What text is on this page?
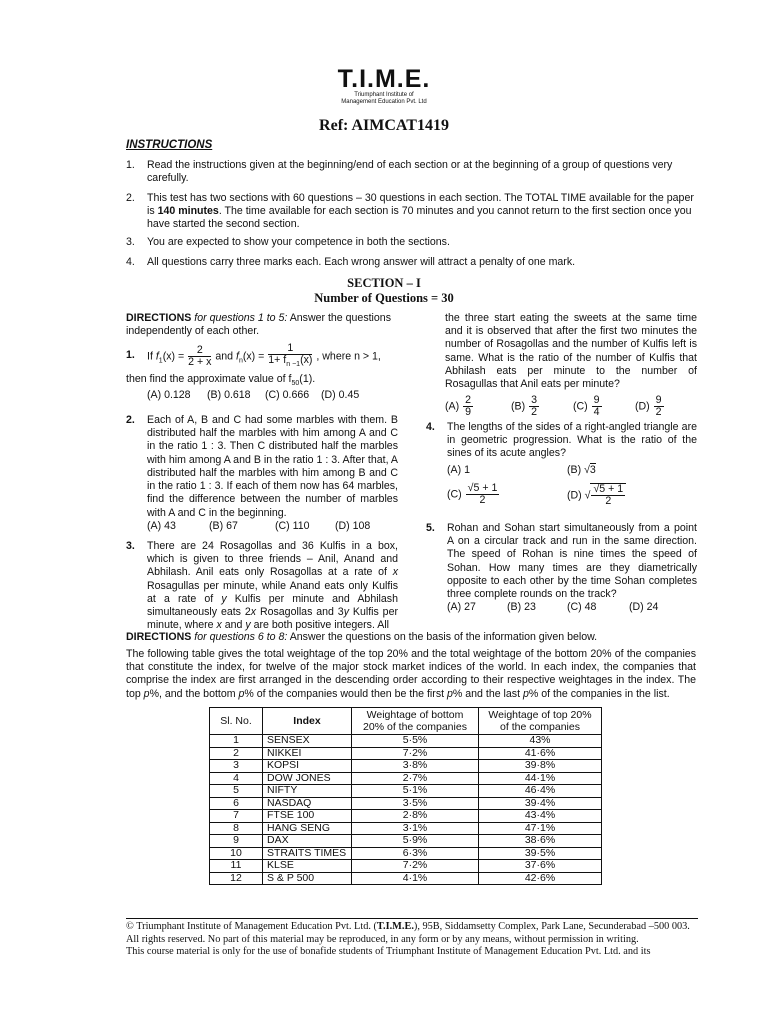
T.I.M.E.
Triumphant Institute of
Management Education Pvt. Ltd
Ref: AIMCAT1419
INSTRUCTIONS
1. Read the instructions given at the beginning/end of each section or at the beginning of a group of questions very carefully.
2. This test has two sections with 60 questions – 30 questions in each section. The TOTAL TIME available for the paper is 140 minutes. The time available for each section is 70 minutes and you cannot return to the first section once you have started the second section.
3. You are expected to show your competence in both the sections.
4. All questions carry three marks each. Each wrong answer will attract a penalty of one mark.
SECTION – I
Number of Questions = 30
DIRECTIONS for questions 1 to 5: Answer the questions independently of each other.
1. If $f_1(x) = \frac{2}{2 + x}$ and $f_n(x) = \frac{1}{1+ f_{n -1}(x)}$ , where n > 1,
then find the approximate value of $f_{50}(1)$.
(A) 0.128	(B) 0.618	(C) 0.666	(D) 0.45
2. Each of A, B and C had some marbles with them. B distributed half the marbles with him among A and C in the ratio 1 : 3. Then C distributed half the marbles with him among A and B in the ratio 1 : 3. After that, A distributed half the marbles with him among B and C in the ratio 1 : 3. If each of them now has 64 marbles, find the difference between the number of marbles with A and C in the beginning.
(A) 43	(B) 67	(C) 110	(D) 108
3. There are 24 Rosagollas and 36 Kulfis in a box, which is given to three friends – Anil, Anand and Abhilash. Anil eats only Rosagollas at a rate of x Rosagullas per minute, while Anand eats only Kulfis at a rate of y Kulfis per minute and Abhilash simultaneously eats 2x Rosagollas and 3y Kulfis per minute, where x and y are both positive integers. All
the three start eating the sweets at the same time and it is observed that after the first two minutes the number of Rosagollas and the number of Kulfis left is same. What is the ratio of the number of Kulfis that Abhilash eats per minute to the number of Rosagullas that Anil eats per minute?
$(A) \frac{2}{9}$	$(B) \frac{3}{2}$	$(C) \frac{9}{4}$	$(D) \frac{9}{2}$
4. The lengths of the sides of a right-angled triangle are in geometric progression. What is the ratio of the sines of its acute angles?
(A) 1	(B) √3
$(C) \frac{√5 + 1}{2}$	(D) √ $\frac{√5 + 1}{2}$
5. Rohan and Sohan start simultaneously from a point A on a circular track and run in the same direction. The speed of Rohan is nine times the speed of Sohan. How many times are they diametrically opposite to each other by the time Sohan completes three complete rounds on the track?
(A) 27	(B) 23	(C) 48	(D) 24
DIRECTIONS for questions 6 to 8: Answer the questions on the basis of the information given below.
The following table gives the total weightage of the top 20% and the total weightage of the bottom 20% of the companies that constitute the index, for twelve of the major stock market indices of the world. In each index, the companies that comprise the index are first arranged in the descending order according to their respective weightages in the index. The top p%, and the bottom p% of the companies would then be the first p% and the last p% of the companies in the list.
Sl. No.	Index	Weightage of bottom 20% of the companies	Weightage of top 20% of the companies
1	SENSEX	5·5%	43%
2	NIKKEI	7·2%	41·6%
3	KOPSI	3·8%	39·8%
4	DOW JONES	2·7%	44·1%
5	NIFTY	5·1%	46·4%
6	NASDAQ	3·5%	39·4%
7	FTSE 100	2·8%	43·4%
8	HANG SENG	3·1%	47·1%
9	DAX	5·9%	38·6%
10	STRAITS TIMES	6·3%	39·5%
11	KLSE	7·2%	37·6%
12	S & P 500	4·1%	42·6%
© Triumphant Institute of Management Education Pvt. Ltd. (T.I.M.E.), 95B, Siddamsetty Complex, Park Lane, Secunderabad –500 003.
All rights reserved. No part of this material may be reproduced, in any form or by any means, without permission in writing.
This course material is only for the use of bonafide students of Triumphant Institute of Management Education Pvt. Ltd. and its
